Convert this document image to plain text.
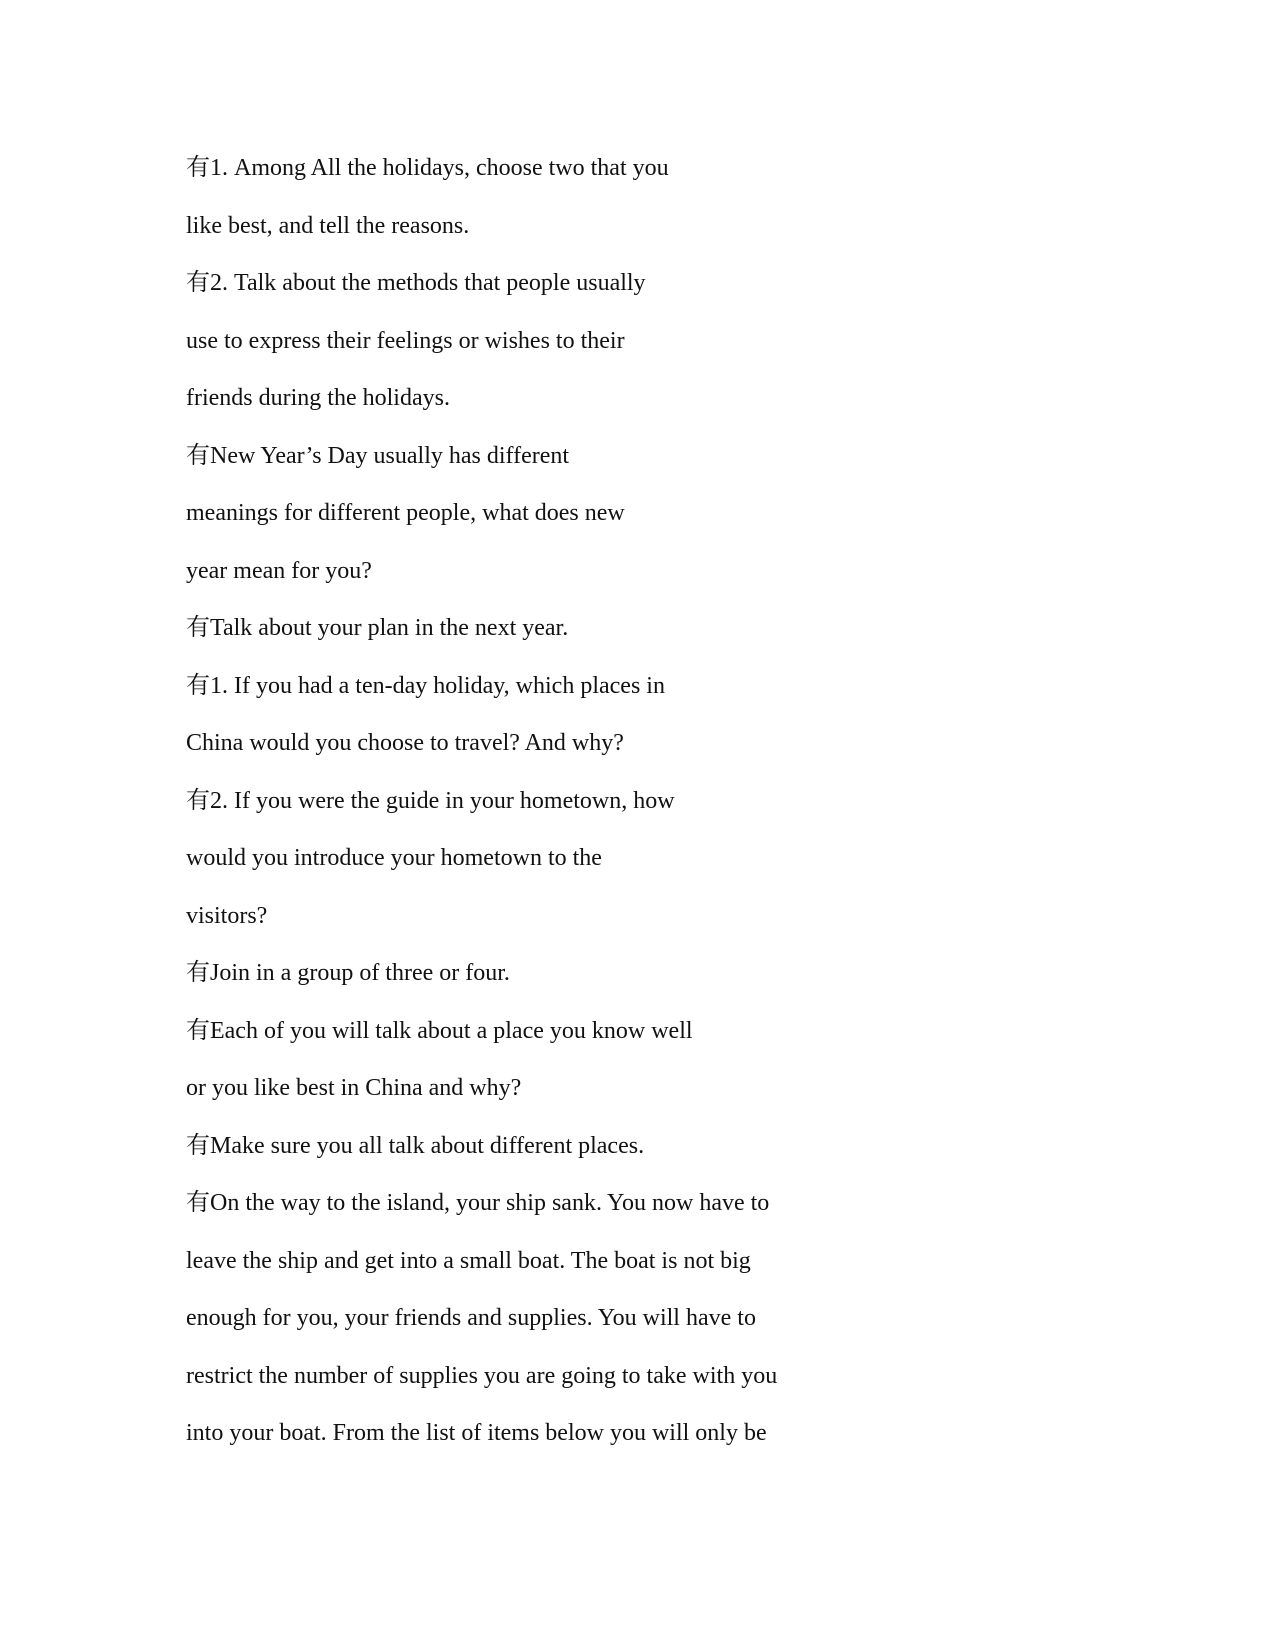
有1. Among All the holidays, choose two that you
like best, and tell the reasons.
有2. Talk about the methods that people usually
use to express their feelings or wishes to their
friends during the holidays.
有New Year’s Day usually has different
meanings for different people, what does new
year mean for you?
有Talk about your plan in the next year.
有1. If you had a ten-day holiday, which places in
China would you choose to travel? And why?
有2. If you were the guide in your hometown, how
would you introduce your hometown to the
visitors?
有Join in a group of three or four.
有Each of you will talk about a place you know well
or you like best in China and why?
有Make sure you all talk about different places.
有On the way to the island, your ship sank. You now have to
leave the ship and get into a small boat. The boat is not big
enough for you, your friends and supplies. You will have to
restrict the number of supplies you are going to take with you
into your boat. From the list of items below you will only be
